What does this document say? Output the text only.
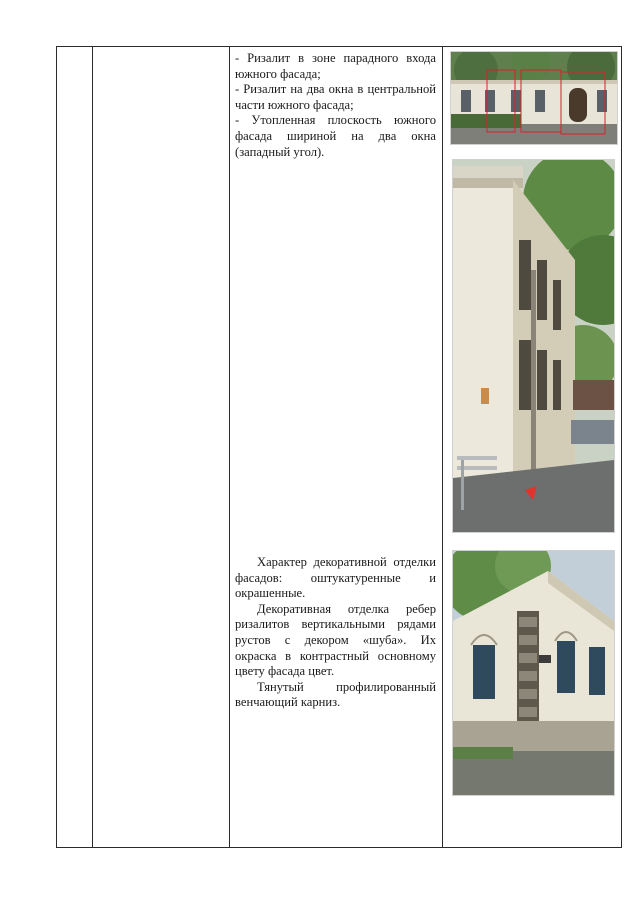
- Ризалит в зоне парадного входа южного фасада;

- Ризалит на два окна в центральной части южного фасада;

- Утопленная плоскость южного фасада шириной на два окна (западный угол).

Характер декоративной отделки фасадов: оштукатуренные и окрашенные.

Декоративная отделка ребер ризалитов вертикальными рядами рустов с декором «шуба». Их окраска в контрастный основному цвету фасада цвет.

Тянутый профилированный венчающий карниз.
